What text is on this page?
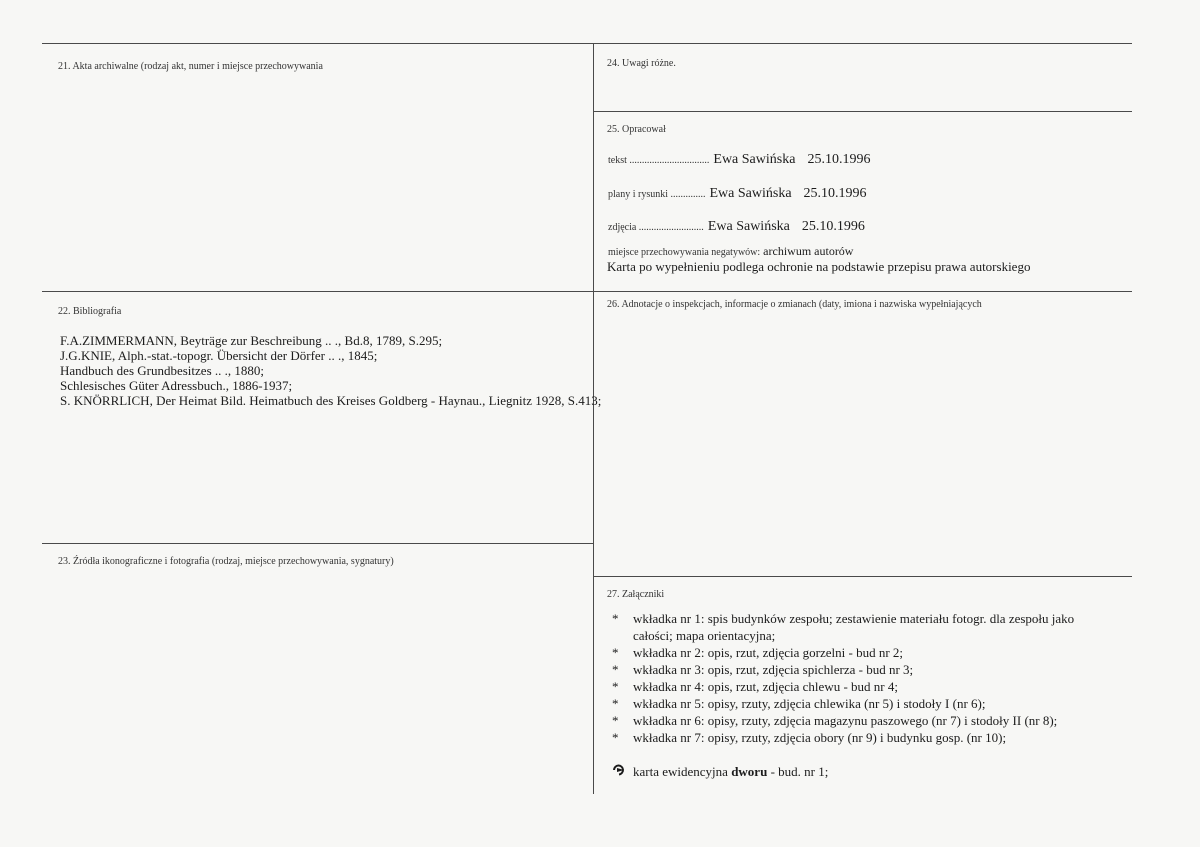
21. Akta archiwalne (rodzaj akt, numer i miejsce przechowywania
22. Bibliografia
F.A.ZIMMERMANN, Beyträge zur Beschreibung .. ., Bd.8, 1789, S.295;
J.G.KNIE, Alph.-stat.-topogr. Übersicht der Dörfer .. ., 1845;
Handbuch des Grundbesitzes .. ., 1880;
Schlesisches Güter Adressbuch., 1886-1937;
S. KNÖRRLICH, Der Heimat Bild. Heimatbuch des Kreises Goldberg - Haynau., Liegnitz 1928, S.413;
23. Źródła ikonograficzne i fotografia (rodzaj, miejsce przechowywania, sygnatury)
24. Uwagi różne.
25. Opracował
tekst ................................ Ewa Sawińska 25.10.1996
plany i rysunki .............. Ewa Sawińska 25.10.1996
zdjęcia .......................... Ewa Sawińska 25.10.1996
miejsce przechowywania negatywów: archiwum autorów
Karta po wypełnieniu podlega ochronie na podstawie przepisu prawa autorskiego
26. Adnotacje o inspekcjach, informacje o zmianach (daty, imiona i nazwiska wypełniających
27. Załączniki
* wkładka nr 1: spis budynków zespołu; zestawienie materiału fotogr. dla zespołu jako
całości; mapa orientacyjna;
* wkładka nr 2: opis, rzut, zdjęcia gorzelni - bud nr 2;
* wkładka nr 3: opis, rzut, zdjęcia spichlerza - bud nr 3;
* wkładka nr 4: opis, rzut, zdjęcia chlewu - bud nr 4;
* wkładka nr 5: opisy, rzuty, zdjęcia chlewika (nr 5) i stodoły I (nr 6);
* wkładka nr 6: opisy, rzuty, zdjęcia magazynu paszowego (nr 7) i stodoły II (nr 8);
* wkładka nr 7: opisy, rzuty, zdjęcia obory (nr 9) i budynku gosp. (nr 10);
karta ewidencyjna
dworu
- bud. nr 1;
